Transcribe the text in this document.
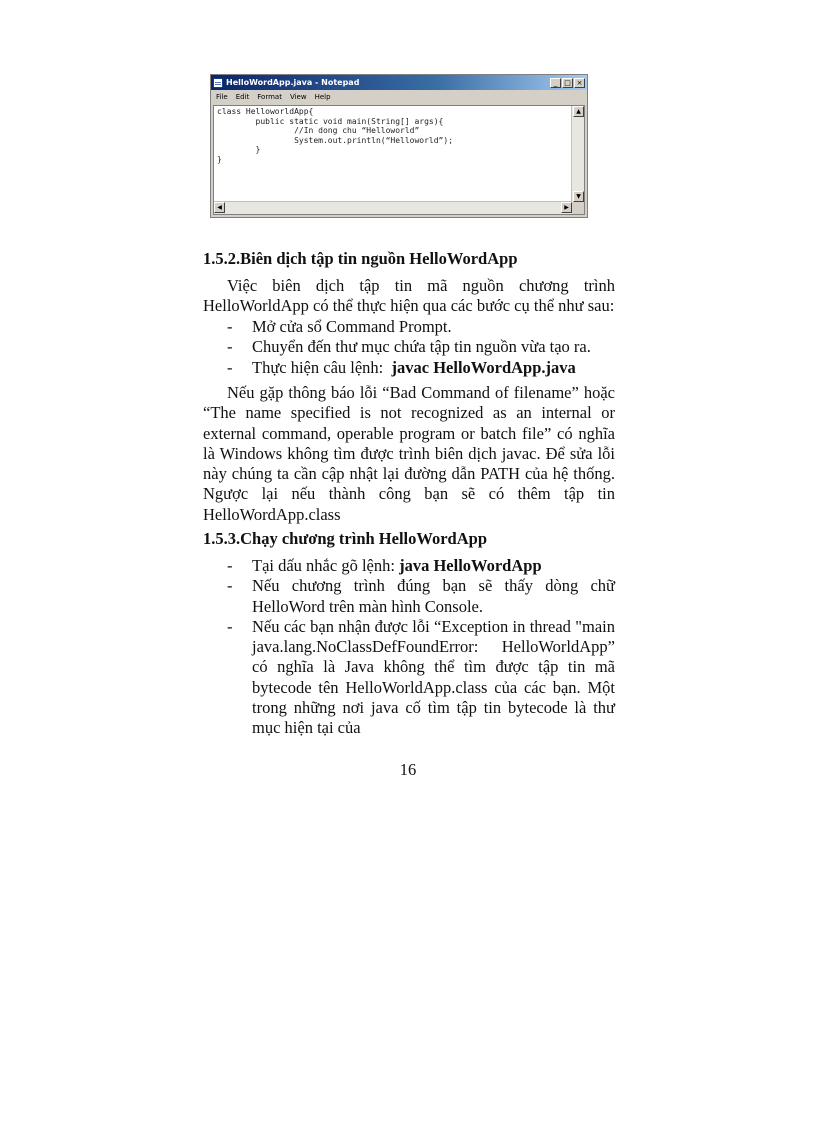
HelloWordApp.java - Notepad	_ □ ×
File Edit Format View Help
class HelloworldApp{
public static void main(String[] args){
//In dong chu “Helloworld”
System.out.println(“Helloworld”);
}
}
▲
▼
◀	▶
1.5.2.Biên dịch tập tin nguồn HelloWordApp

Việc biên dịch tập tin mã nguồn chương trình HelloWorldApp có thể thực hiện qua các bước cụ thể như sau:

- Mở cửa sổ Command Prompt.
- Chuyển đến thư mục chứa tập tin nguồn vừa tạo ra.
- Thực hiện câu lệnh: javac HelloWordApp.java

Nếu gặp thông báo lỗi “Bad Command of filename” hoặc “The name specified is not recognized as an internal or external command, operable program or batch file” có nghĩa là Windows không tìm được trình biên dịch javac. Để sửa lỗi này chúng ta cần cập nhật lại đường dẫn PATH của hệ thống. Ngược lại nếu thành công bạn sẽ có thêm tập tin HelloWordApp.class

1.5.3.Chạy chương trình HelloWordApp
- Tại dấu nhắc gõ lệnh: java HelloWordApp
- Nếu chương trình đúng bạn sẽ thấy dòng chữ HelloWord trên màn hình Console.
- Nếu các bạn nhận được lỗi “Exception in thread "main java.lang.NoClassDefFoundError: HelloWorldApp” có nghĩa là Java không thể tìm được tập tin mã bytecode tên HelloWorldApp.class của các bạn. Một trong những nơi java cố tìm tập tin bytecode là thư mục hiện tại của
16
